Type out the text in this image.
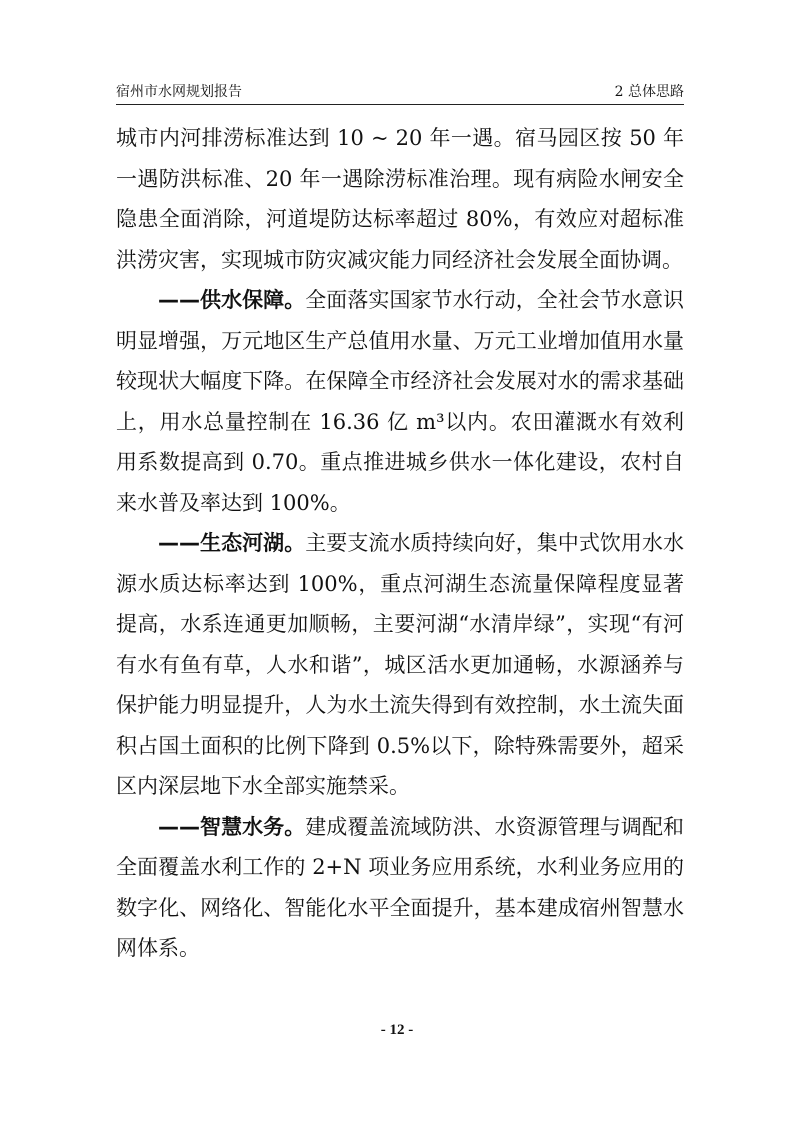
宿州市水网规划报告	2 总体思路

城市内河排涝标准达到 10 ~ 20 年一遇。宿马园区按 50 年一遇防洪标准、20 年一遇除涝标准治理。现有病险水闸安全隐患全面消除，河道堤防达标率超过 80%，有效应对超标准洪涝灾害，实现城市防灾减灾能力同经济社会发展全面协调。

——供水保障。全面落实国家节水行动，全社会节水意识明显增强，万元地区生产总值用水量、万元工业增加值用水量较现状大幅度下降。在保障全市经济社会发展对水的需求基础上，用水总量控制在 16.36 亿 m³以内。农田灌溉水有效利用系数提高到 0.70。重点推进城乡供水一体化建设，农村自来水普及率达到 100%。

——生态河湖。主要支流水质持续向好，集中式饮用水水源水质达标率达到 100%，重点河湖生态流量保障程度显著提高，水系连通更加顺畅，主要河湖“水清岸绿”，实现“有河有水有鱼有草，人水和谐”，城区活水更加通畅，水源涵养与保护能力明显提升，人为水土流失得到有效控制，水土流失面积占国土面积的比例下降到 0.5%以下，除特殊需要外，超采区内深层地下水全部实施禁采。

——智慧水务。建成覆盖流域防洪、水资源管理与调配和全面覆盖水利工作的 2+N 项业务应用系统，水利业务应用的数字化、网络化、智能化水平全面提升，基本建成宿州智慧水网体系。

- 12 -
